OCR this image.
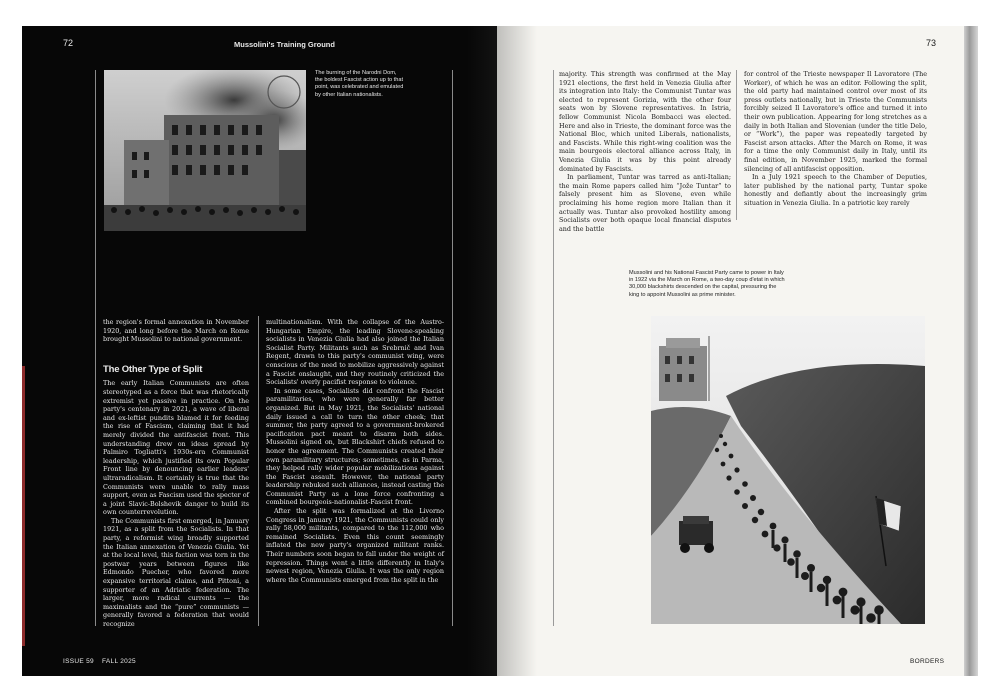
72	Mussolini's Training Ground
The burning of the Narodni Dom, the boldest Fascist action up to that point, was celebrated and emulated by other Italian nationalists.

the region's formal annexation in November 1920, and long before the March on Rome brought Mussolini to national government.

The Other Type of Split

The early Italian Communists are often stereotyped as a force that was rhetorically extremist yet passive in practice. On the party's centenary in 2021, a wave of liberal and ex-leftist pundits blamed it for feeding the rise of Fascism, claiming that it had merely divided the antifascist front. This understanding drew on ideas spread by Palmiro Togliatti's 1930s-era Communist leadership, which justified its own Popular Front line by denouncing earlier leaders' ultraradicalism. It certainly is true that the Communists were unable to rally mass support, even as Fascism used the specter of a joint Slavic-Bolshevik danger to build its own counterrevolution.

The Communists first emerged, in January 1921, as a split from the Socialists. In that party, a reformist wing broadly supported the Italian annexation of Venezia Giulia. Yet at the local level, this faction was torn in the postwar years between figures like Edmondo Puecher, who favored more expansive territorial claims, and Pittoni, a supporter of an Adriatic federation. The larger, more radical currents — the maximalists and the “pure” communists — generally favored a federation that would recognize

multinationalism. With the collapse of the Austro-Hungarian Empire, the leading Slovene-speaking socialists in Venezia Giulia had also joined the Italian Socialist Party. Militants such as Srebrnič and Ivan Regent, drawn to this party's communist wing, were conscious of the need to mobilize aggressively against a Fascist onslaught, and they routinely criticized the Socialists' overly pacifist response to violence.

In some cases, Socialists did confront the Fascist paramilitaries, who were generally far better organized. But in May 1921, the Socialists' national daily issued a call to turn the other cheek; that summer, the party agreed to a government-brokered pacification pact meant to disarm both sides. Mussolini signed on, but Blackshirt chiefs refused to honor the agreement. The Communists created their own paramilitary structures; sometimes, as in Parma, they helped rally wider popular mobilizations against the Fascist assault. However, the national party leadership rebuked such alliances, instead casting the Communist Party as a lone force confronting a combined bourgeois-nationalist-Fascist front.

After the split was formalized at the Livorno Congress in January 1921, the Communists could only rally 58,000 militants, compared to the 112,000 who remained Socialists. Even this count seemingly inflated the new party's organized militant ranks. Their numbers soon began to fall under the weight of repression. Things went a little differently in Italy's newest region, Venezia Giulia. It was the only region where the Communists emerged from the split in the

ISSUE 59 FALL 2025
73

majority. This strength was confirmed at the May 1921 elections, the first held in Venezia Giulia after its integration into Italy: the Communist Tuntar was elected to represent Gorizia, with the other four seats won by Slovene representatives. In Istria, fellow Communist Nicola Bombacci was elected. Here and also in Trieste, the dominant force was the National Bloc, which united Liberals, nationalists, and Fascists. While this right-wing coalition was the main bourgeois electoral alliance across Italy, in Venezia Giulia it was by this point already dominated by Fascists.

In parliament, Tuntar was tarred as anti-Italian; the main Rome papers called him “Jože Tuntar” to falsely present him as Slovene, even while proclaiming his home region more Italian than it actually was. Tuntar also provoked hostility among Socialists over both opaque local financial disputes and the battle

for control of the Trieste newspaper Il Lavoratore (The Worker), of which he was an editor. Following the split, the old party had maintained control over most of its press outlets nationally, but in Trieste the Communists forcibly seized Il Lavoratore's office and turned it into their own publication. Appearing for long stretches as a daily in both Italian and Slovenian (under the title Delo, or “Work”), the paper was repeatedly targeted by Fascist arson attacks. After the March on Rome, it was for a time the only Communist daily in Italy, until its final edition, in November 1925, marked the formal silencing of all antifascist opposition.

In a July 1921 speech to the Chamber of Deputies, later published by the national party, Tuntar spoke honestly and defiantly about the increasingly grim situation in Venezia Giulia. In a patriotic key rarely

Mussolini and his National Fascist Party came to power in Italy in 1922 via the March on Rome, a two-day coup d'etat in which 30,000 blackshirts descended on the capital, pressuring the king to appoint Mussolini as prime minister.
BORDERS
